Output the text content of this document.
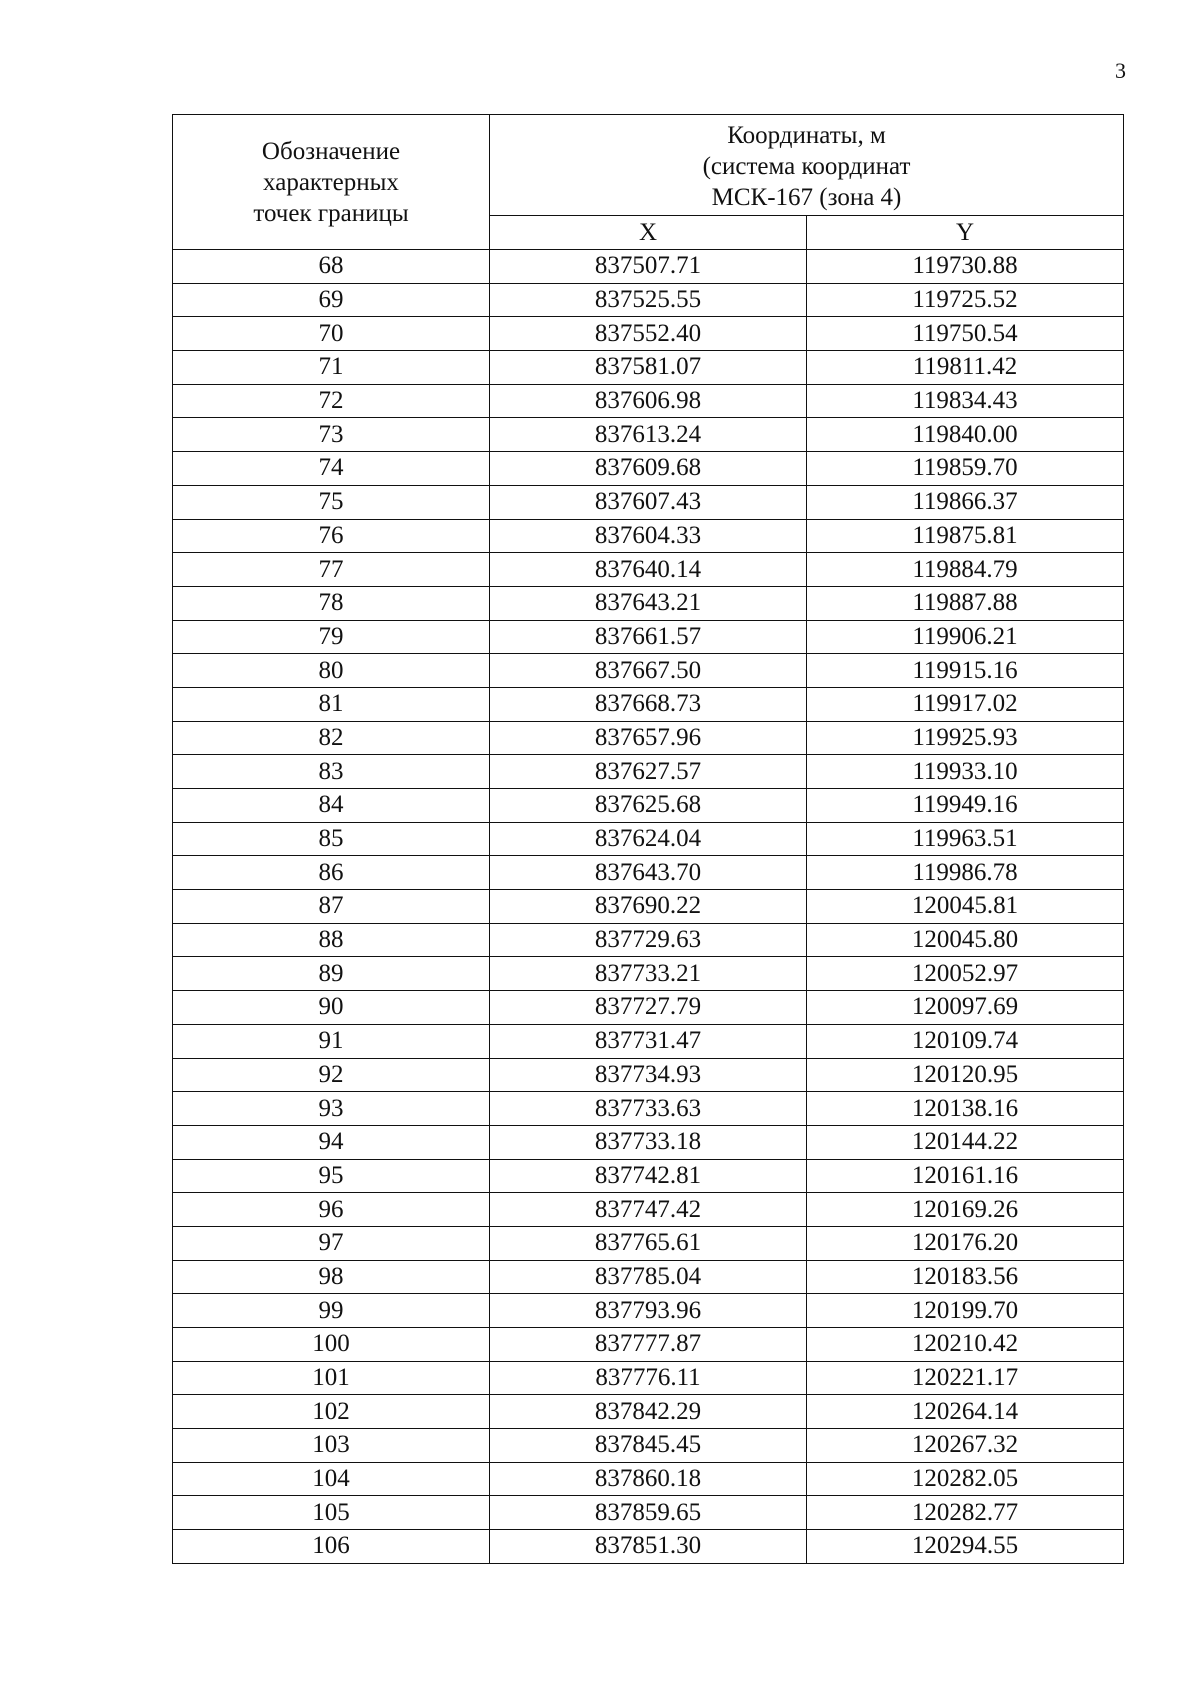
3
Обозначение
характерных
точек границы	Координаты, м
(система координат
МСК-167 (зона 4)	

	X	Y
68	837507.71	119730.88
69	837525.55	119725.52
70	837552.40	119750.54
71	837581.07	119811.42
72	837606.98	119834.43
73	837613.24	119840.00
74	837609.68	119859.70
75	837607.43	119866.37
76	837604.33	119875.81
77	837640.14	119884.79
78	837643.21	119887.88
79	837661.57	119906.21
80	837667.50	119915.16
81	837668.73	119917.02
82	837657.96	119925.93
83	837627.57	119933.10
84	837625.68	119949.16
85	837624.04	119963.51
86	837643.70	119986.78
87	837690.22	120045.81
88	837729.63	120045.80
89	837733.21	120052.97
90	837727.79	120097.69
91	837731.47	120109.74
92	837734.93	120120.95
93	837733.63	120138.16
94	837733.18	120144.22
95	837742.81	120161.16
96	837747.42	120169.26
97	837765.61	120176.20
98	837785.04	120183.56
99	837793.96	120199.70
100	837777.87	120210.42
101	837776.11	120221.17
102	837842.29	120264.14
103	837845.45	120267.32
104	837860.18	120282.05
105	837859.65	120282.77
106	837851.30	120294.55
